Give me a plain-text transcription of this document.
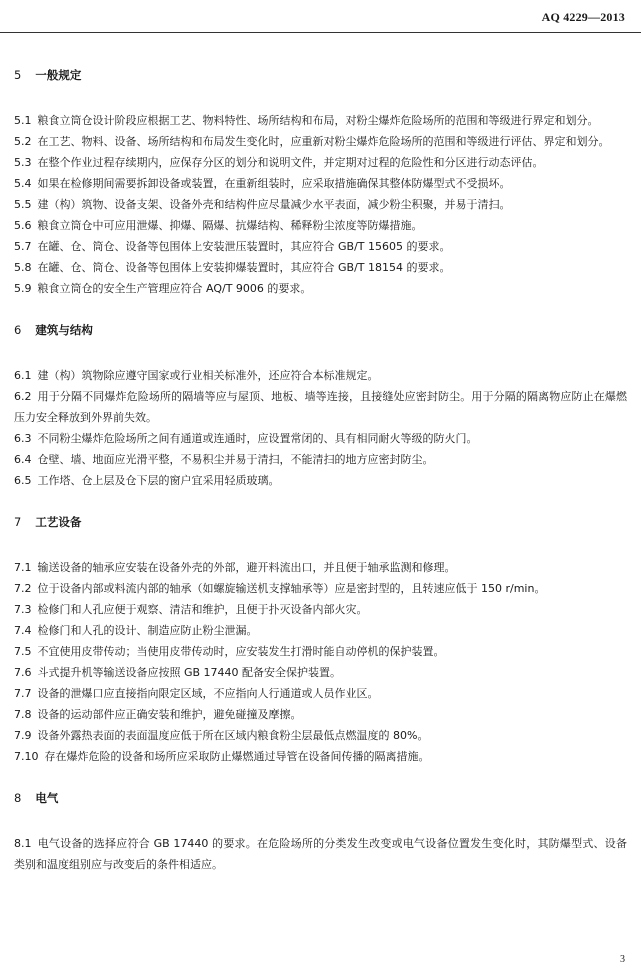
AQ 4229—2013
5 一般规定

5.1 粮食立筒仓设计阶段应根据工艺、物料特性、场所结构和布局，对粉尘爆炸危险场所的范围和等级进行界定和划分。

5.2 在工艺、物料、设备、场所结构和布局发生变化时，应重新对粉尘爆炸危险场所的范围和等级进行评估、界定和划分。

5.3 在整个作业过程存续期内，应保存分区的划分和说明文件，并定期对过程的危险性和分区进行动态评估。

5.4 如果在检修期间需要拆卸设备或装置，在重新组装时，应采取措施确保其整体防爆型式不受损坏。

5.5 建（构）筑物、设备支架、设备外壳和结构件应尽量减少水平表面，减少粉尘积聚，并易于清扫。

5.6 粮食立筒仓中可应用泄爆、抑爆、隔爆、抗爆结构、稀释粉尘浓度等防爆措施。

5.7 在罐、仓、筒仓、设备等包围体上安装泄压装置时，其应符合 GB/T 15605 的要求。

5.8 在罐、仓、筒仓、设备等包围体上安装抑爆装置时，其应符合 GB/T 18154 的要求。

5.9 粮食立筒仓的安全生产管理应符合 AQ/T 9006 的要求。

6 建筑与结构

6.1 建（构）筑物除应遵守国家或行业相关标准外，还应符合本标准规定。

6.2 用于分隔不同爆炸危险场所的隔墙等应与屋顶、地板、墙等连接，且接缝处应密封防尘。用于分隔的隔离物应防止在爆燃压力安全释放到外界前失效。

6.3 不同粉尘爆炸危险场所之间有通道或连通时，应设置常闭的、具有相同耐火等级的防火门。

6.4 仓壁、墙、地面应光滑平整，不易积尘并易于清扫，不能清扫的地方应密封防尘。

6.5 工作塔、仓上层及仓下层的窗户宜采用轻质玻璃。

7 工艺设备

7.1 输送设备的轴承应安装在设备外壳的外部，避开料流出口，并且便于轴承监测和修理。

7.2 位于设备内部或料流内部的轴承（如螺旋输送机支撑轴承等）应是密封型的，且转速应低于 150 r/min。

7.3 检修门和人孔应便于观察、清洁和维护，且便于扑灭设备内部火灾。

7.4 检修门和人孔的设计、制造应防止粉尘泄漏。

7.5 不宜使用皮带传动；当使用皮带传动时，应安装发生打滑时能自动停机的保护装置。

7.6 斗式提升机等输送设备应按照 GB 17440 配备安全保护装置。

7.7 设备的泄爆口应直接指向限定区域，不应指向人行通道或人员作业区。

7.8 设备的运动部件应正确安装和维护，避免碰撞及摩擦。

7.9 设备外露热表面的表面温度应低于所在区域内粮食粉尘层最低点燃温度的 80%。

7.10 存在爆炸危险的设备和场所应采取防止爆燃通过导管在设备间传播的隔离措施。

8 电气

8.1 电气设备的选择应符合 GB 17440 的要求。在危险场所的分类发生改变或电气设备位置发生变化时，其防爆型式、设备类别和温度组别应与改变后的条件相适应。

3
